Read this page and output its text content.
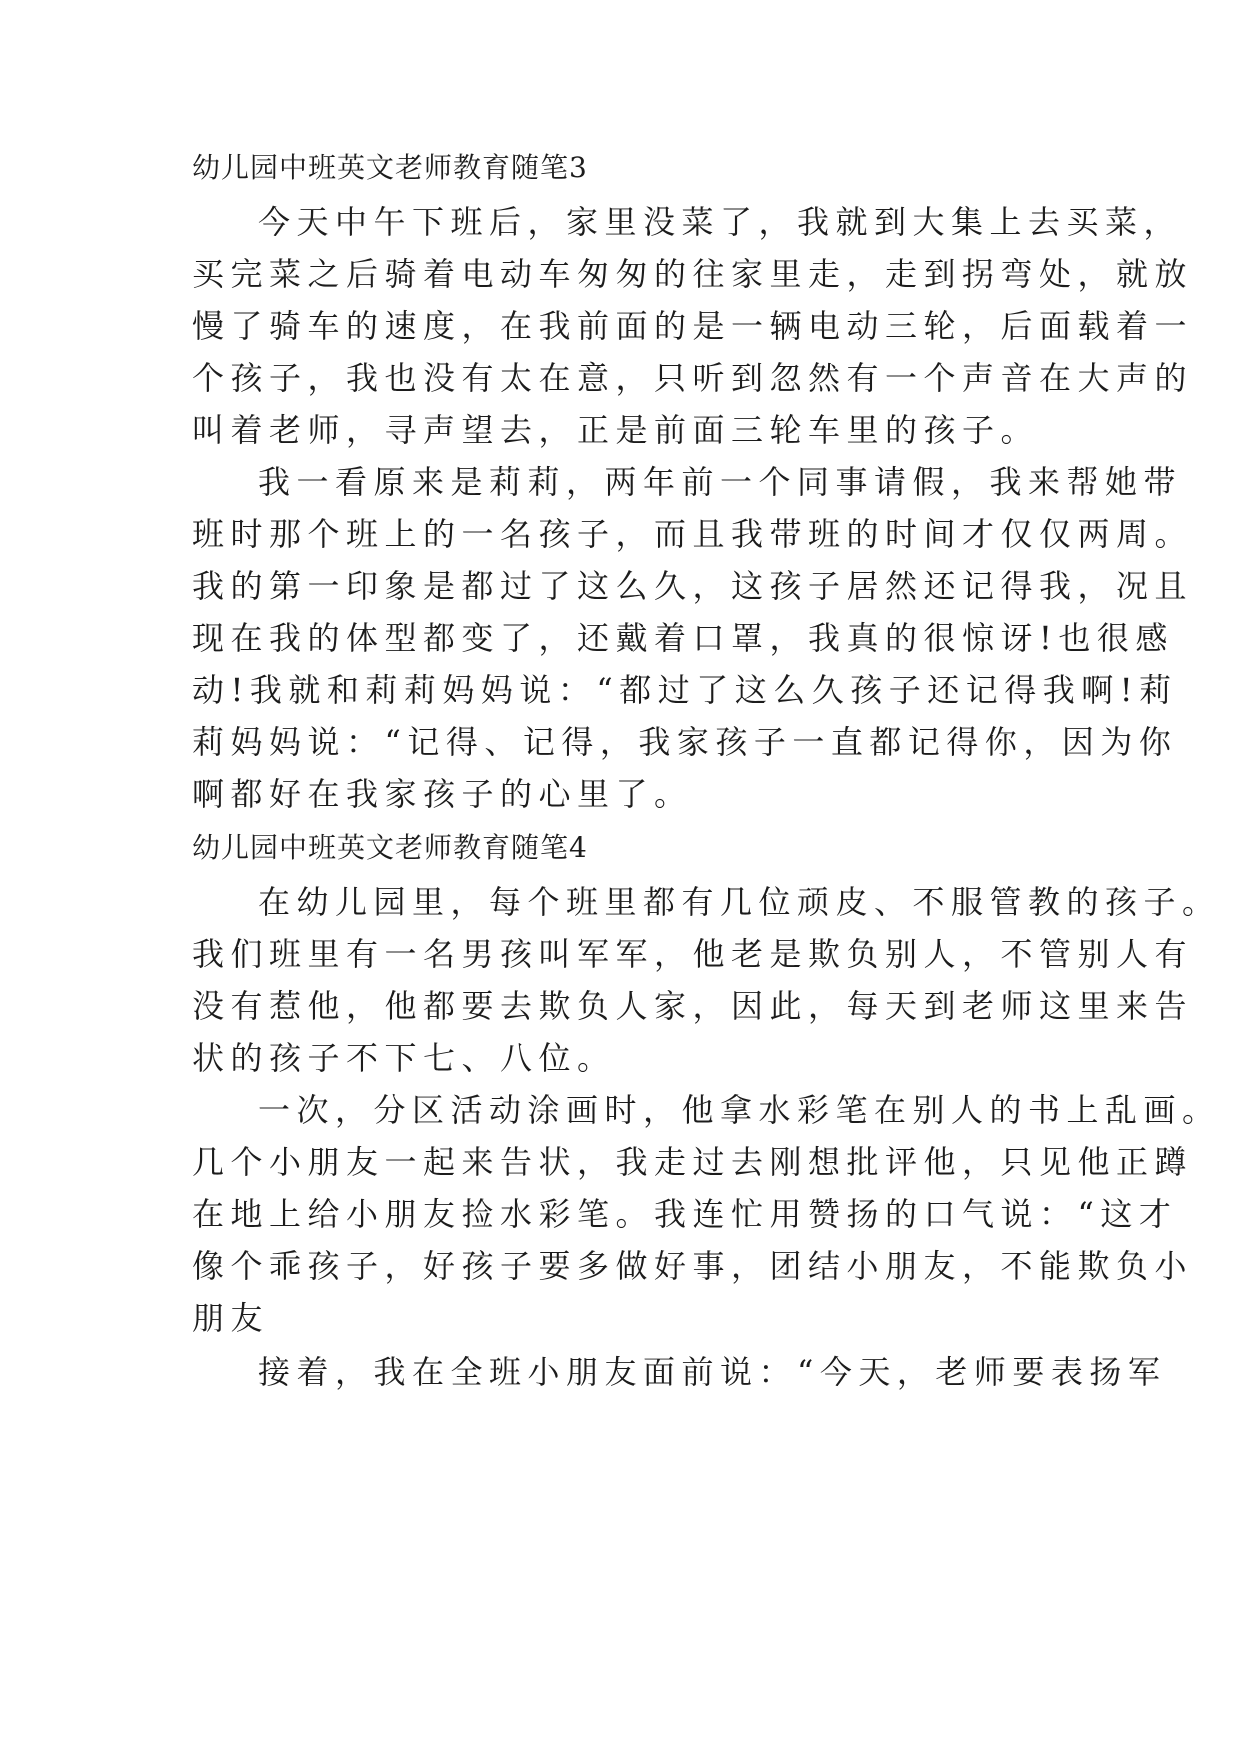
幼儿园中班英文老师教育随笔3
今天中午下班后，家里没菜了，我就到大集上去买菜，
买完菜之后骑着电动车匆匆的往家里走，走到拐弯处，就放
慢了骑车的速度，在我前面的是一辆电动三轮，后面载着一
个孩子，我也没有太在意，只听到忽然有一个声音在大声的
叫着老师，寻声望去，正是前面三轮车里的孩子。
我一看原来是莉莉，两年前一个同事请假，我来帮她带
班时那个班上的一名孩子，而且我带班的时间才仅仅两周。
我的第一印象是都过了这么久，这孩子居然还记得我，况且
现在我的体型都变了，还戴着口罩，我真的很惊讶!也很感
动!我就和莉莉妈妈说：“都过了这么久孩子还记得我啊!莉
莉妈妈说：“记得、记得，我家孩子一直都记得你，因为你
啊都好在我家孩子的心里了。
幼儿园中班英文老师教育随笔4
在幼儿园里，每个班里都有几位顽皮、不服管教的孩子。
我们班里有一名男孩叫军军，他老是欺负别人，不管别人有
没有惹他，他都要去欺负人家，因此，每天到老师这里来告
状的孩子不下七、八位。
一次，分区活动涂画时，他拿水彩笔在别人的书上乱画。
几个小朋友一起来告状，我走过去刚想批评他，只见他正蹲
在地上给小朋友捡水彩笔。我连忙用赞扬的口气说：“这才
像个乖孩子，好孩子要多做好事，团结小朋友，不能欺负小
朋友
接着，我在全班小朋友面前说：“今天，老师要表扬军
